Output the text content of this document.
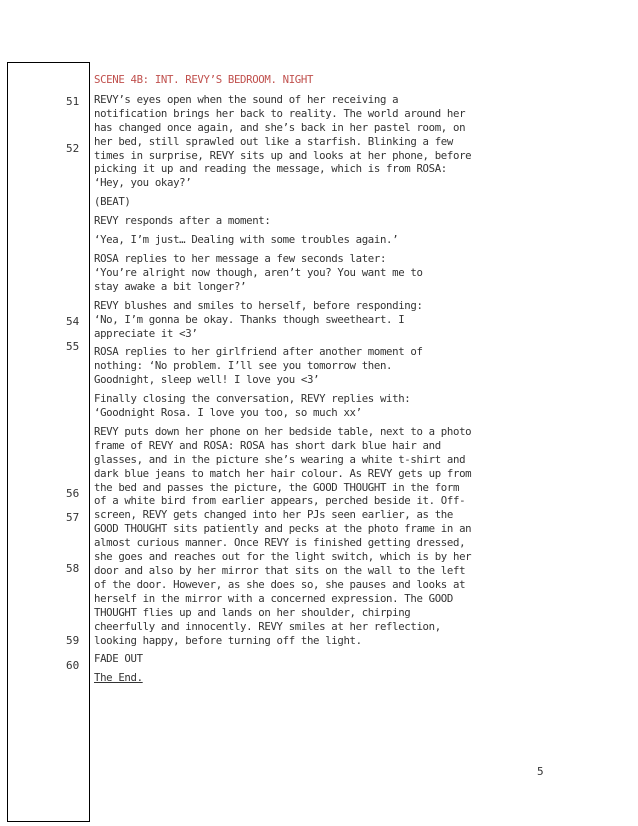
51
52
54
55
56
57
58
59
60
SCENE 4B: INT. REVY’S BEDROOM. NIGHT
REVY’s eyes open when the sound of her receiving a
notification brings her back to reality. The world around her
has changed once again, and she’s back in her pastel room, on
her bed, still sprawled out like a starfish. Blinking a few
times in surprise, REVY sits up and looks at her phone, before
picking it up and reading the message, which is from ROSA:
‘Hey, you okay?’
(BEAT)
REVY responds after a moment:
‘Yea, I’m just… Dealing with some troubles again.’
ROSA replies to her message a few seconds later:
‘You’re alright now though, aren’t you? You want me to
stay awake a bit longer?’
REVY blushes and smiles to herself, before responding:
‘No, I’m gonna be okay. Thanks though sweetheart. I
appreciate it <3’
ROSA replies to her girlfriend after another moment of
nothing: ‘No problem. I’ll see you tomorrow then.
Goodnight, sleep well! I love you <3’
Finally closing the conversation, REVY replies with:
‘Goodnight Rosa. I love you too, so much xx’
REVY puts down her phone on her bedside table, next to a photo
frame of REVY and ROSA: ROSA has short dark blue hair and
glasses, and in the picture she’s wearing a white t-shirt and
dark blue jeans to match her hair colour. As REVY gets up from
the bed and passes the picture, the GOOD THOUGHT in the form
of a white bird from earlier appears, perched beside it. Off-
screen, REVY gets changed into her PJs seen earlier, as the
GOOD THOUGHT sits patiently and pecks at the photo frame in an
almost curious manner. Once REVY is finished getting dressed,
she goes and reaches out for the light switch, which is by her
door and also by her mirror that sits on the wall to the left
of the door. However, as she does so, she pauses and looks at
herself in the mirror with a concerned expression. The GOOD
THOUGHT flies up and lands on her shoulder, chirping
cheerfully and innocently. REVY smiles at her reflection,
looking happy, before turning off the light.
FADE OUT
The End.
5
